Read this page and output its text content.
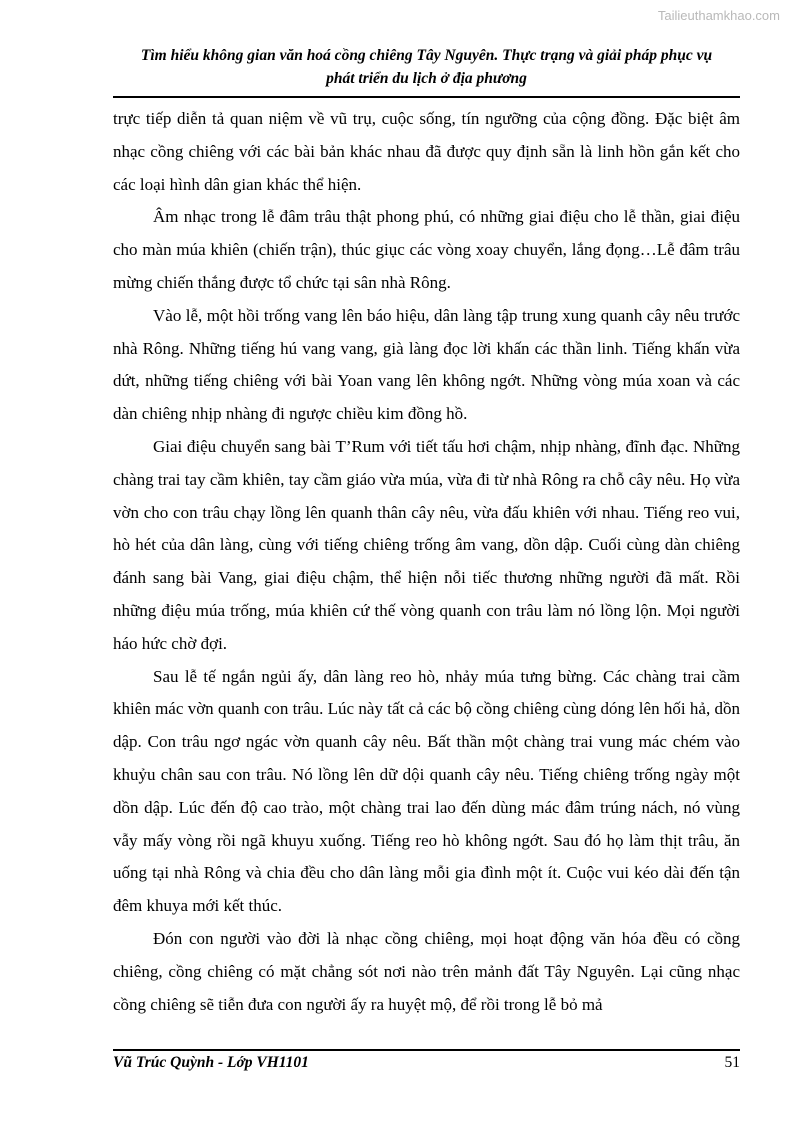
Tailieuthamkhao.com
Tìm hiểu không gian văn hoá cồng chiêng Tây Nguyên. Thực trạng và giải pháp phục vụ
phát triển du lịch ở địa phương

trực tiếp diễn tả quan niệm về vũ trụ, cuộc sống, tín ngưỡng của cộng đồng. Đặc biệt âm nhạc cồng chiêng với các bài bản khác nhau đã được quy định sẵn là linh hồn gắn kết cho các loại hình dân gian khác thể hiện.

Âm nhạc trong lễ đâm trâu thật phong phú, có những giai điệu cho lễ thần, giai điệu cho màn múa khiên (chiến trận), thúc giục các vòng xoay chuyển, lắng đọng…Lễ đâm trâu mừng chiến thắng được tổ chức tại sân nhà Rông.

Vào lễ, một hồi trống vang lên báo hiệu, dân làng tập trung xung quanh cây nêu trước nhà Rông. Những tiếng hú vang vang, già làng đọc lời khấn các thần linh. Tiếng khấn vừa dứt, những tiếng chiêng với bài Yoan vang lên không ngớt. Những vòng múa xoan và các dàn chiêng nhịp nhàng đi ngược chiều kim đồng hồ.

Giai điệu chuyển sang bài T’Rum với tiết tấu hơi chậm, nhịp nhàng, đĩnh đạc. Những chàng trai tay cầm khiên, tay cầm giáo vừa múa, vừa đi từ nhà Rông ra chỗ cây nêu. Họ vừa vờn cho con trâu chạy lồng lên quanh thân cây nêu, vừa đấu khiên với nhau. Tiếng reo vui, hò hét của dân làng, cùng với tiếng chiêng trống âm vang, dồn dập. Cuối cùng dàn chiêng đánh sang bài Vang, giai điệu chậm, thể hiện nỗi tiếc thương những người đã mất. Rồi những điệu múa trống, múa khiên cứ thế vòng quanh con trâu làm nó lồng lộn. Mọi người háo hức chờ đợi.

Sau lễ tế ngắn ngủi ấy, dân làng reo hò, nhảy múa tưng bừng. Các chàng trai cầm khiên mác vờn quanh con trâu. Lúc này tất cả các bộ cồng chiêng cùng dóng lên hối hả, dồn dập. Con trâu ngơ ngác vờn quanh cây nêu. Bất thần một chàng trai vung mác chém vào khuỷu chân sau con trâu. Nó lồng lên dữ dội quanh cây nêu. Tiếng chiêng trống ngày một dồn dập. Lúc đến độ cao trào, một chàng trai lao đến dùng mác đâm trúng nách, nó vùng vẫy mấy vòng rồi ngã khuyu xuống. Tiếng reo hò không ngớt. Sau đó họ làm thịt trâu, ăn uống tại nhà Rông và chia đều cho dân làng mỗi gia đình một ít. Cuộc vui kéo dài đến tận đêm khuya mới kết thúc.

Đón con người vào đời là nhạc cồng chiêng, mọi hoạt động văn hóa đều có cồng chiêng, cồng chiêng có mặt chẳng sót nơi nào trên mảnh đất Tây Nguyên. Lại cũng nhạc cồng chiêng sẽ tiễn đưa con người ấy ra huyệt mộ, để rồi trong lễ bỏ mả

Vũ Trúc Quỳnh - Lớp VH1101	51
